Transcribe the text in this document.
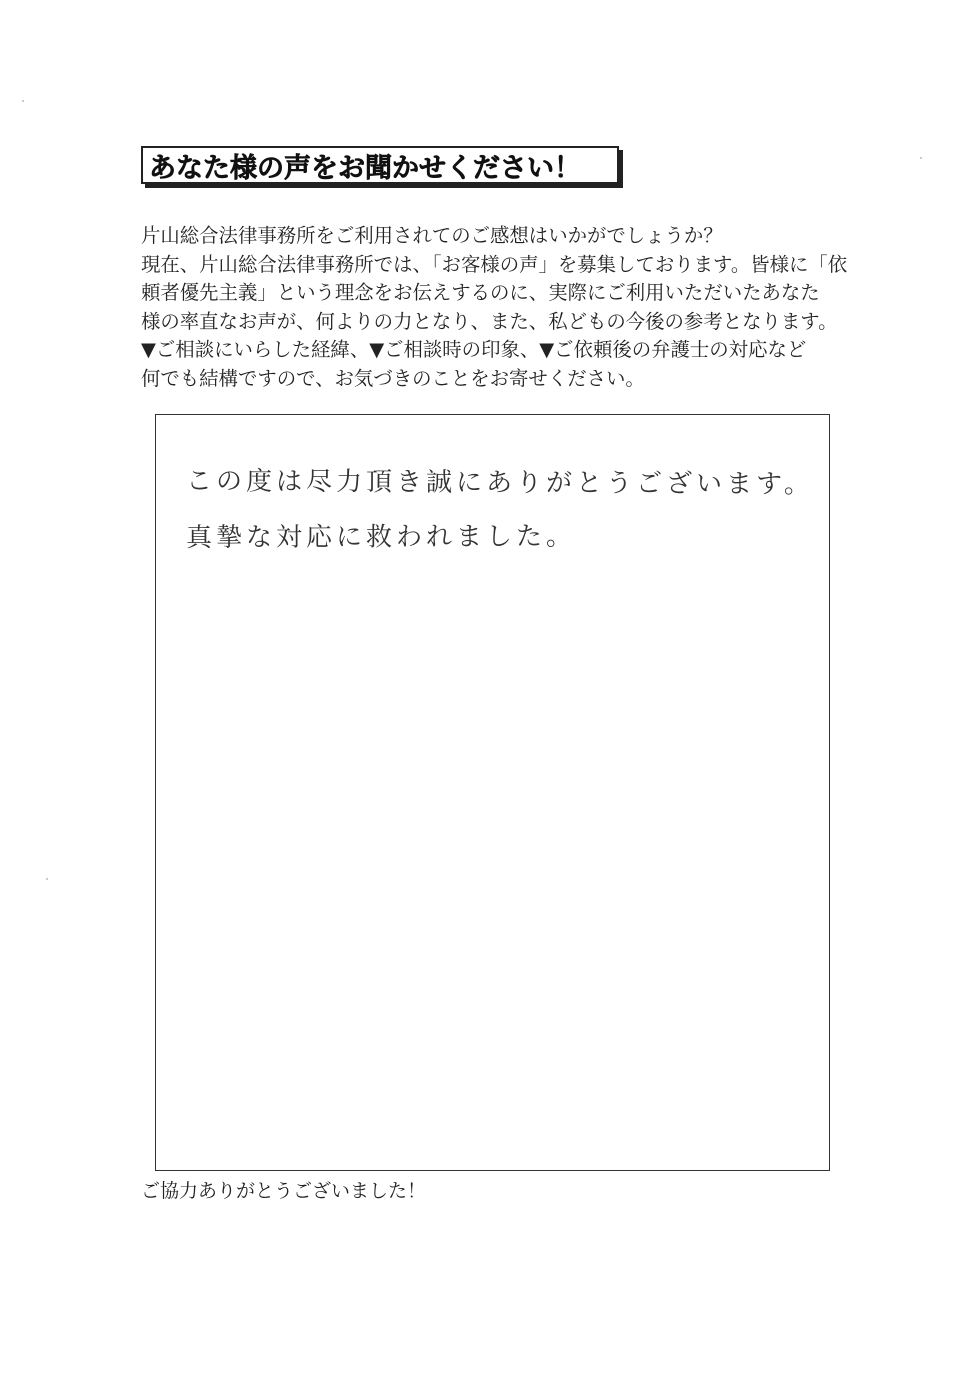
あなた様の声をお聞かせください！
片山総合法律事務所をご利用されてのご感想はいかがでしょうか？
現在、片山総合法律事務所では、「お客様の声」を募集しております。皆様に「依
頼者優先主義」という理念をお伝えするのに、実際にご利用いただいたあなた
様の率直なお声が、何よりの力となり、また、私どもの今後の参考となります。
▼ご相談にいらした経緯、▼ご相談時の印象、▼ご依頼後の弁護士の対応など
何でも結構ですので、お気づきのことをお寄せください。
この度は尽力頂き誠にありがとうございます。
真摯な対応に救われました。
ご協力ありがとうございました！
